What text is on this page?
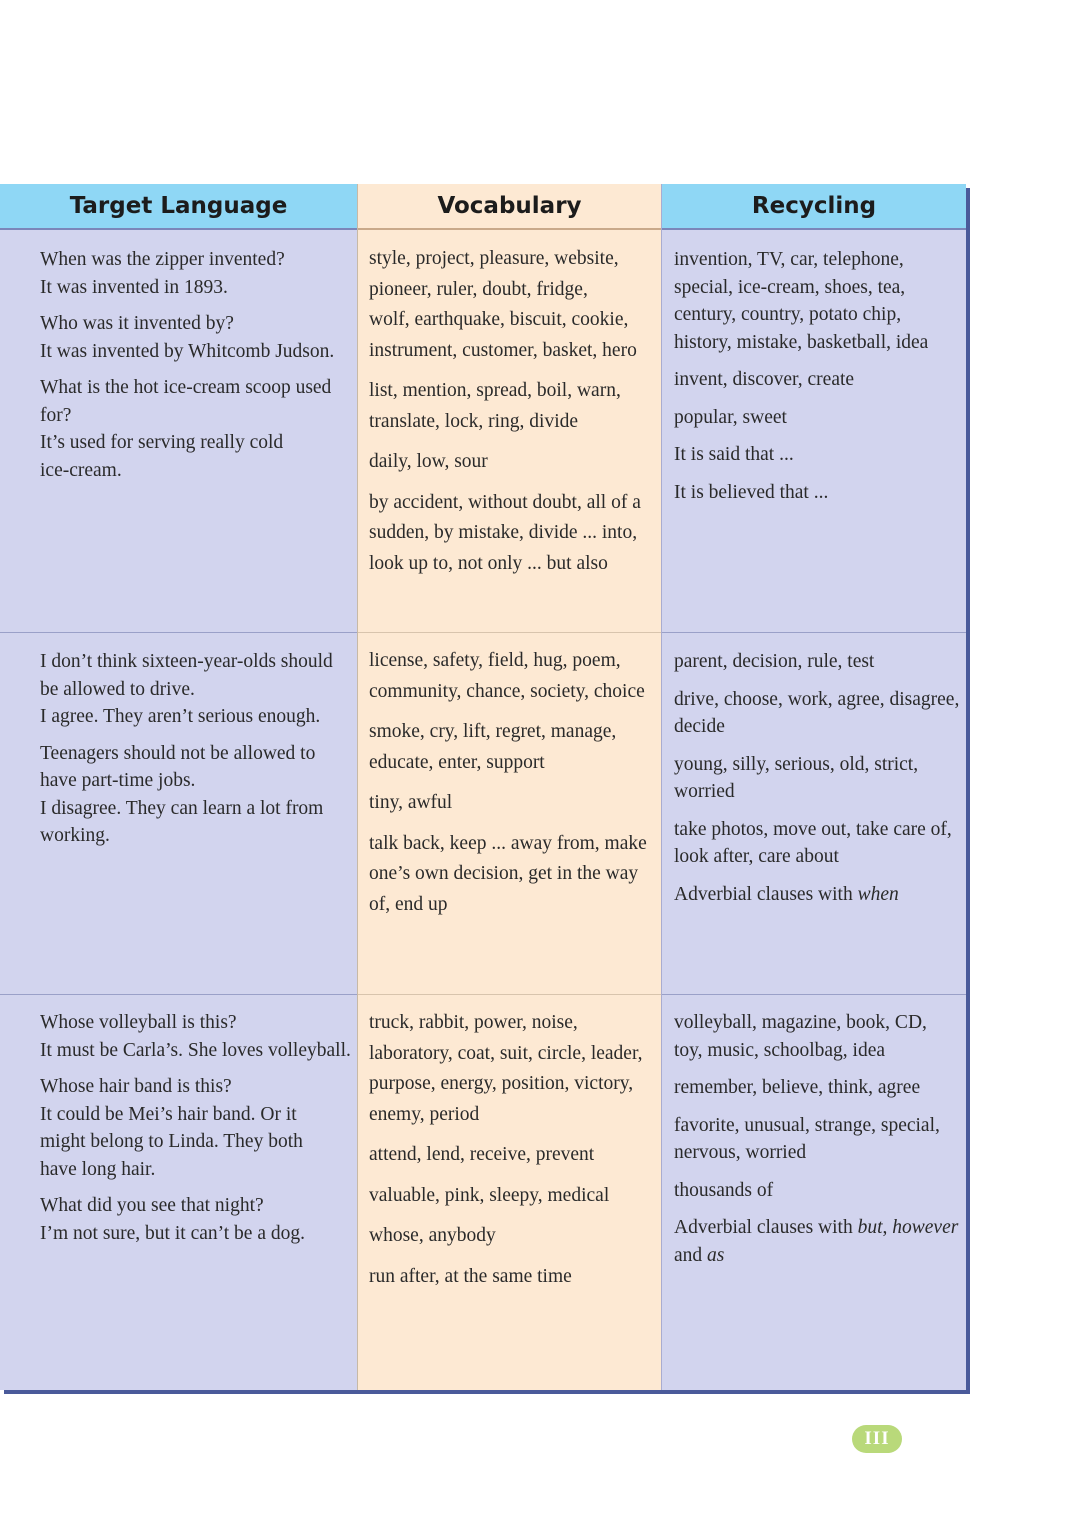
Target Language

When was the zipper invented?
It was invented in 1893.

Who was it invented by?
It was invented by Whitcomb Judson.

What is the hot ice-cream scoop used
for?
It’s used for serving really cold
ice-cream.

I don’t think sixteen-year-olds should
be allowed to drive.
I agree. They aren’t serious enough.

Teenagers should not be allowed to
have part-time jobs.
I disagree. They can learn a lot from
working.

Whose volleyball is this?
It must be Carla’s. She loves volleyball.

Whose hair band is this?
It could be Mei’s hair band. Or it
might belong to Linda. They both
have long hair.

What did you see that night?
I’m not sure, but it can’t be a dog.

Vocabulary

style, project, pleasure, website,
pioneer, ruler, doubt, fridge,
wolf, earthquake, biscuit, cookie,
instrument, customer, basket, hero

list, mention, spread, boil, warn,
translate, lock, ring, divide

daily, low, sour

by accident, without doubt, all of a
sudden, by mistake, divide ... into,
look up to, not only ... but also

license, safety, field, hug, poem,
community, chance, society, choice

smoke, cry, lift, regret, manage,
educate, enter, support

tiny, awful

talk back, keep ... away from, make
one’s own decision, get in the way
of, end up

truck, rabbit, power, noise,
laboratory, coat, suit, circle, leader,
purpose, energy, position, victory,
enemy, period

attend, lend, receive, prevent

valuable, pink, sleepy, medical

whose, anybody

run after, at the same time

Recycling

invention, TV, car, telephone,
special, ice-cream, shoes, tea,
century, country, potato chip,
history, mistake, basketball, idea

invent, discover, create

popular, sweet

It is said that ...

It is believed that ...

parent, decision, rule, test

drive, choose, work, agree, disagree,
decide

young, silly, serious, old, strict,
worried

take photos, move out, take care of,
look after, care about

Adverbial clauses with when

volleyball, magazine, book, CD,
toy, music, schoolbag, idea

remember, believe, think, agree

favorite, unusual, strange, special,
nervous, worried

thousands of

Adverbial clauses with but, however
and as

III
